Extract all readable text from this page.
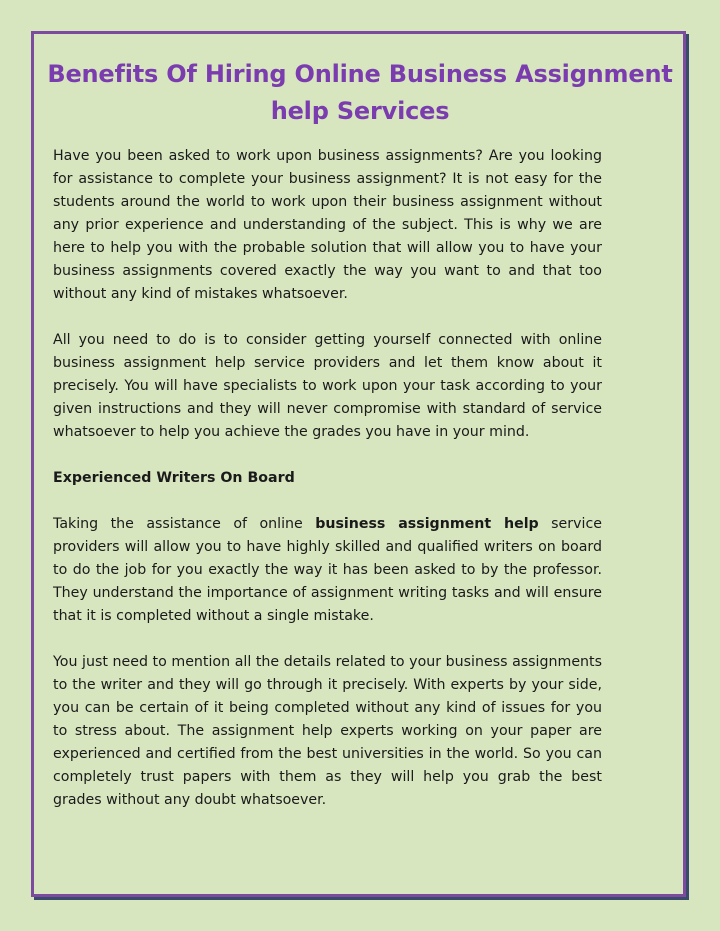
Benefits Of Hiring Online Business Assignment help Services

Have you been asked to work upon business assignments? Are you looking for assistance to complete your business assignment? It is not easy for the students around the world to work upon their business assignment without any prior experience and understanding of the subject. This is why we are here to help you with the probable solution that will allow you to have your business assignments covered exactly the way you want to and that too without any kind of mistakes whatsoever.

All you need to do is to consider getting yourself connected with online business assignment help service providers and let them know about it precisely. You will have specialists to work upon your task according to your given instructions and they will never compromise with standard of service whatsoever to help you achieve the grades you have in your mind.

Experienced Writers On Board

Taking the assistance of online business assignment help service providers will allow you to have highly skilled and qualified writers on board to do the job for you exactly the way it has been asked to by the professor. They understand the importance of assignment writing tasks and will ensure that it is completed without a single mistake.

You just need to mention all the details related to your business assignments to the writer and they will go through it precisely. With experts by your side, you can be certain of it being completed without any kind of issues for you to stress about. The assignment help experts working on your paper are experienced and certified from the best universities in the world. So you can completely trust papers with them as they will help you grab the best grades without any doubt whatsoever.
